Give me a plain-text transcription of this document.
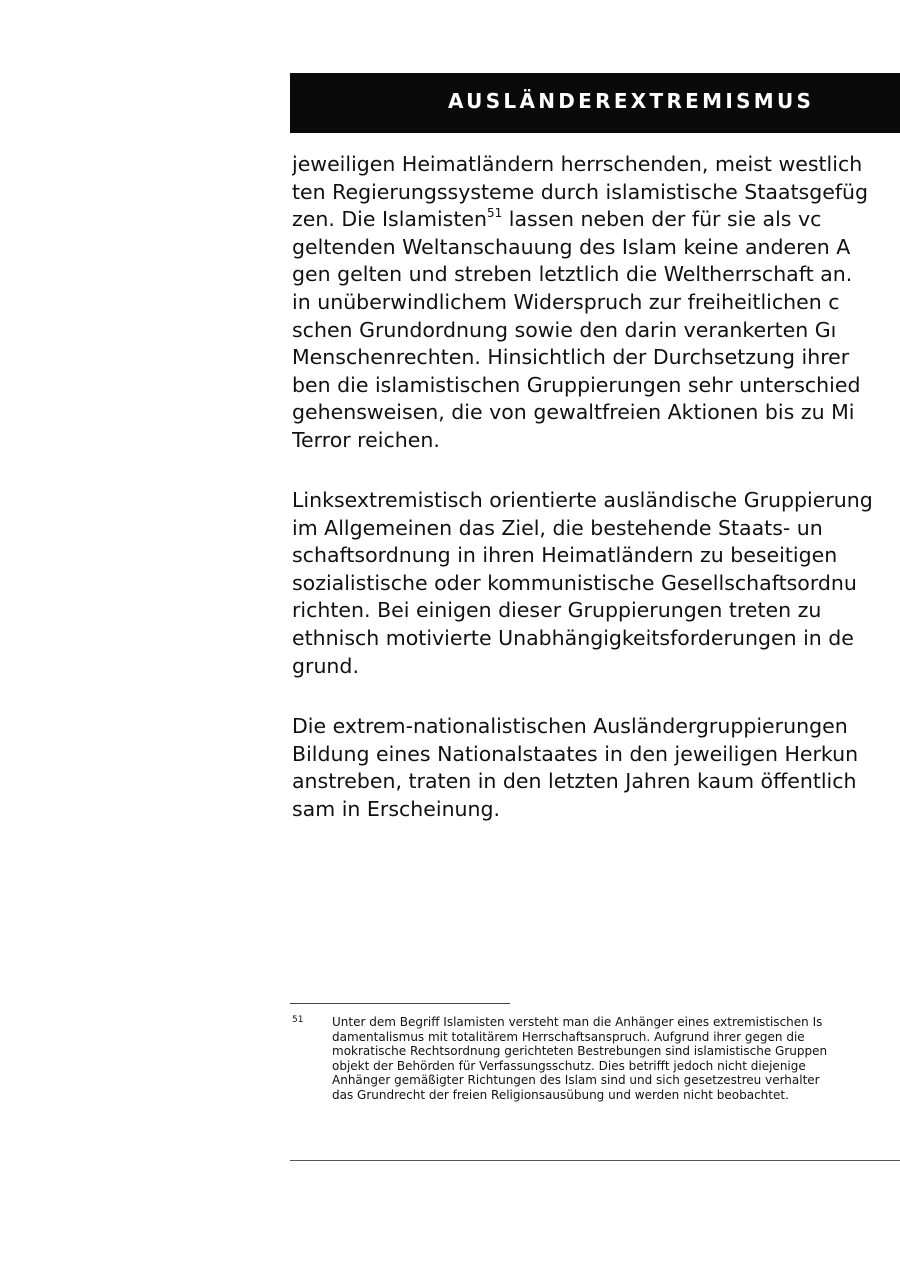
AUSLÄNDEREXTREMISMUS
jeweiligen Heimatländern herrschenden, meist westlich
ten Regierungssysteme durch islamistische Staatsgefüg
zen. Die Islamisten$^{51}$ lassen neben der für sie als vc
geltenden Weltanschauung des Islam keine anderen A
gen gelten und streben letztlich die Weltherrschaft an.
in unüberwindlichem Widerspruch zur freiheitlichen c
schen Grundordnung sowie den darin verankerten Gı
Menschenrechten. Hinsichtlich der Durchsetzung ihrer
ben die islamistischen Gruppierungen sehr unterschied
gehensweisen, die von gewaltfreien Aktionen bis zu Mi
Terror reichen.
Linksextremistisch orientierte ausländische Gruppierung
im Allgemeinen das Ziel, die bestehende Staats- un
schaftsordnung in ihren Heimatländern zu beseitigen
sozialistische oder kommunistische Gesellschaftsordnu
richten. Bei einigen dieser Gruppierungen treten zu
ethnisch motivierte Unabhängigkeitsforderungen in de
grund.
Die extrem-nationalistischen Ausländergruppierungen
Bildung eines Nationalstaates in den jeweiligen Herkun
anstreben, traten in den letzten Jahren kaum öffentlich
sam in Erscheinung.
51 Unter dem Begriff Islamisten versteht man die Anhänger eines extremistischen Is
damentalismus mit totalitärem Herrschaftsanspruch. Aufgrund ihrer gegen die
mokratische Rechtsordnung gerichteten Bestrebungen sind islamistische Gruppen
objekt der Behörden für Verfassungsschutz. Dies betrifft jedoch nicht diejenige
Anhänger gemäßigter Richtungen des Islam sind und sich gesetzestreu verhalter
das Grundrecht der freien Religionsausübung und werden nicht beobachtet.
